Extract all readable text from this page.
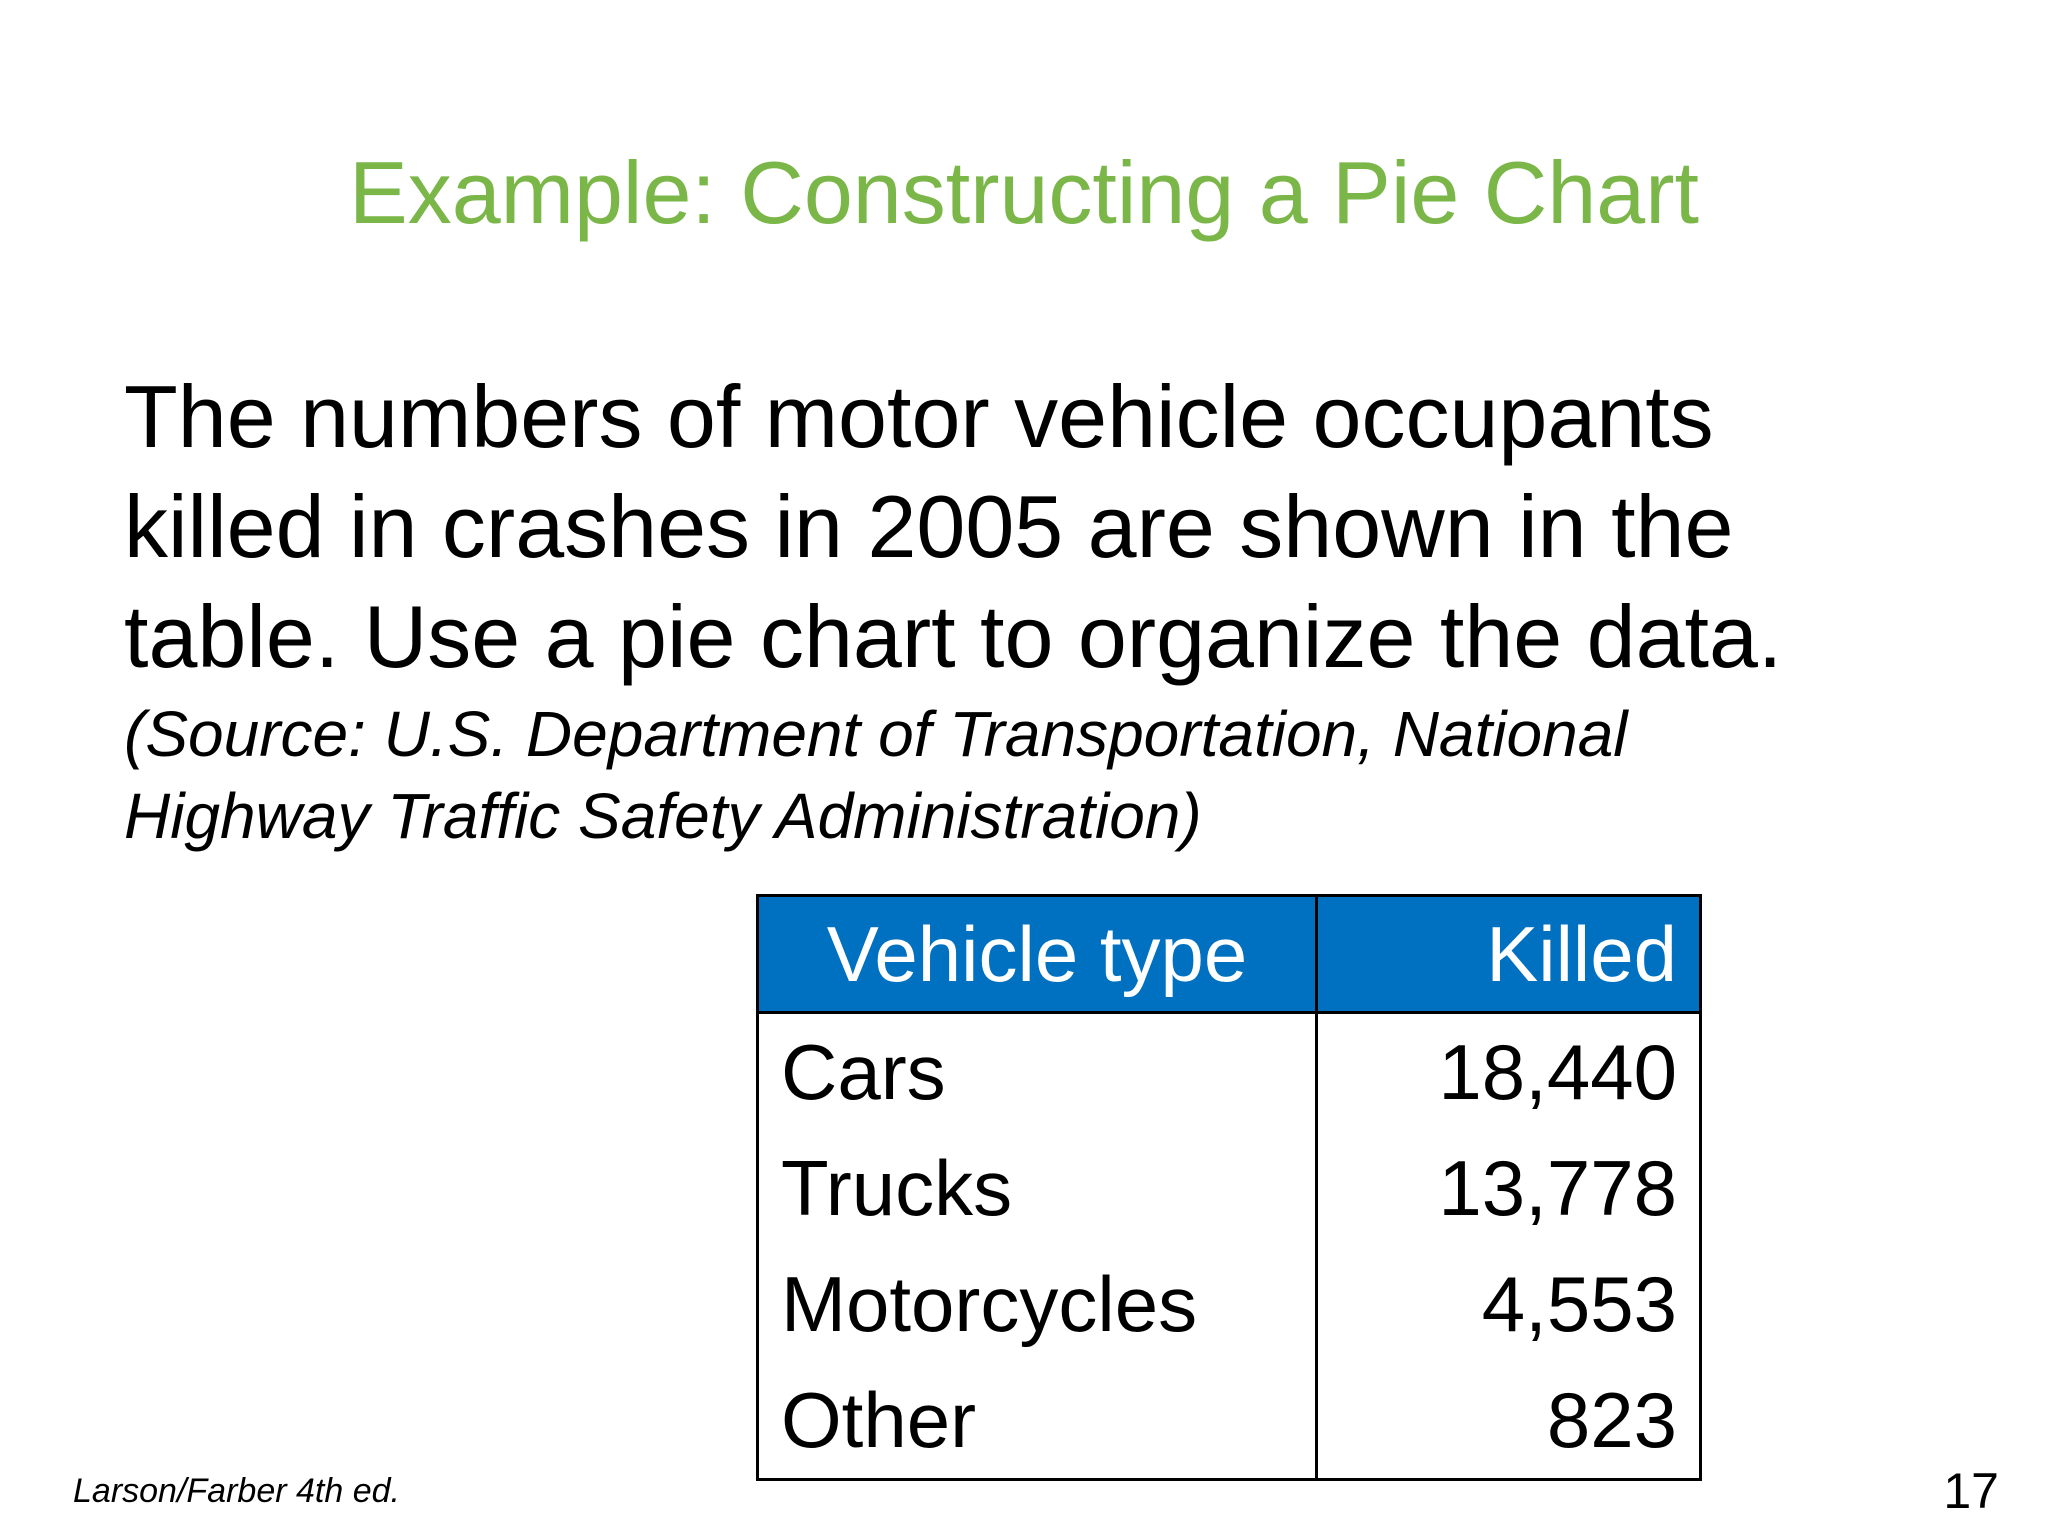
Example: Constructing a Pie Chart
The numbers of motor vehicle occupants
killed in crashes in 2005 are shown in the
table. Use a pie chart to organize the data.
(Source: U.S. Department of Transportation, National
Highway Traffic Safety Administration)
Vehicle type	Killed
Cars	18,440
Trucks	13,778
Motorcycles	4,553
Other	823
Larson/Farber 4th ed.	17
